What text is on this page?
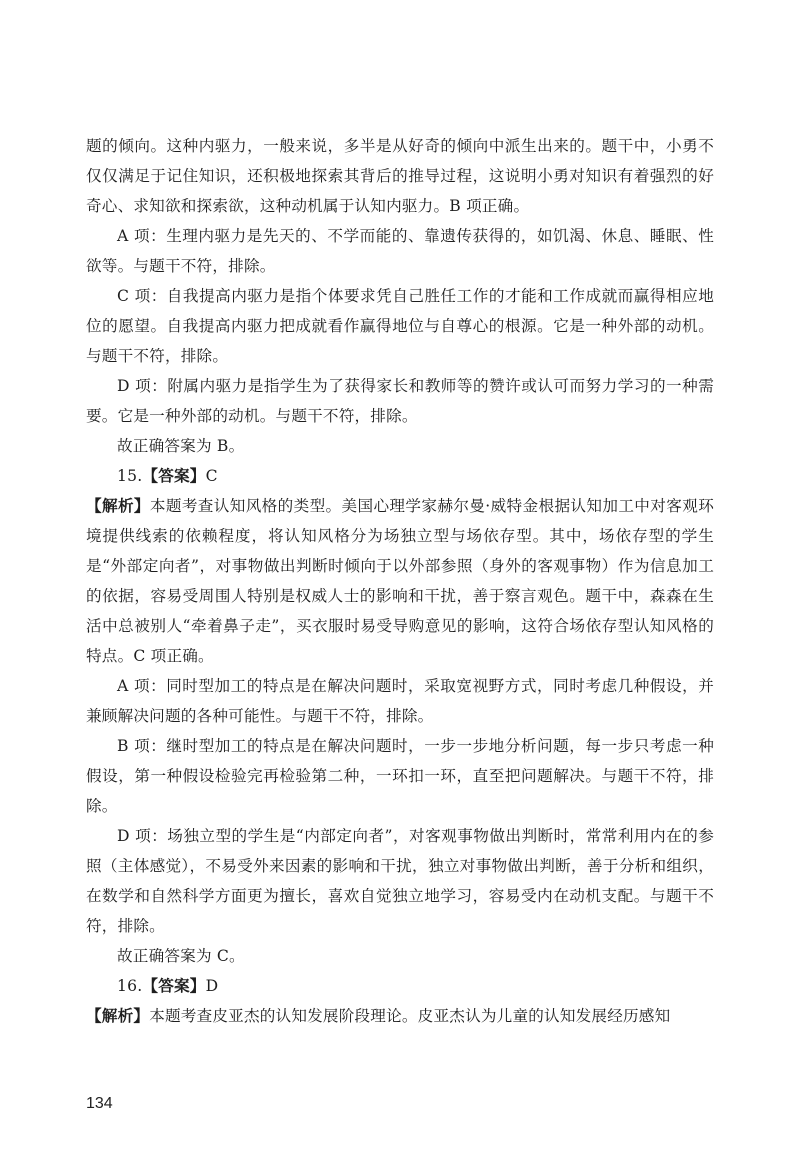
题的倾向。这种内驱力，一般来说，多半是从好奇的倾向中派生出来的。题干中，小勇不仅仅满足于记住知识，还积极地探索其背后的推导过程，这说明小勇对知识有着强烈的好奇心、求知欲和探索欲，这种动机属于认知内驱力。B 项正确。

A 项：生理内驱力是先天的、不学而能的、靠遗传获得的，如饥渴、休息、睡眠、性欲等。与题干不符，排除。

C 项：自我提高内驱力是指个体要求凭自己胜任工作的才能和工作成就而赢得相应地位的愿望。自我提高内驱力把成就看作赢得地位与自尊心的根源。它是一种外部的动机。与题干不符，排除。

D 项：附属内驱力是指学生为了获得家长和教师等的赞许或认可而努力学习的一种需要。它是一种外部的动机。与题干不符，排除。

故正确答案为 B。

15.【答案】C

【解析】本题考查认知风格的类型。美国心理学家赫尔曼·威特金根据认知加工中对客观环境提供线索的依赖程度，将认知风格分为场独立型与场依存型。其中，场依存型的学生是“外部定向者”，对事物做出判断时倾向于以外部参照（身外的客观事物）作为信息加工的依据，容易受周围人特别是权威人士的影响和干扰，善于察言观色。题干中，森森在生活中总被别人“牵着鼻子走”，买衣服时易受导购意见的影响，这符合场依存型认知风格的特点。C 项正确。

A 项：同时型加工的特点是在解决问题时，采取宽视野方式，同时考虑几种假设，并兼顾解决问题的各种可能性。与题干不符，排除。

B 项：继时型加工的特点是在解决问题时，一步一步地分析问题，每一步只考虑一种假设，第一种假设检验完再检验第二种，一环扣一环，直至把问题解决。与题干不符，排除。

D 项：场独立型的学生是“内部定向者”，对客观事物做出判断时，常常利用内在的参照（主体感觉），不易受外来因素的影响和干扰，独立对事物做出判断，善于分析和组织，在数学和自然科学方面更为擅长，喜欢自觉独立地学习，容易受内在动机支配。与题干不符，排除。

故正确答案为 C。

16.【答案】D

【解析】本题考查皮亚杰的认知发展阶段理论。皮亚杰认为儿童的认知发展经历感知

134
